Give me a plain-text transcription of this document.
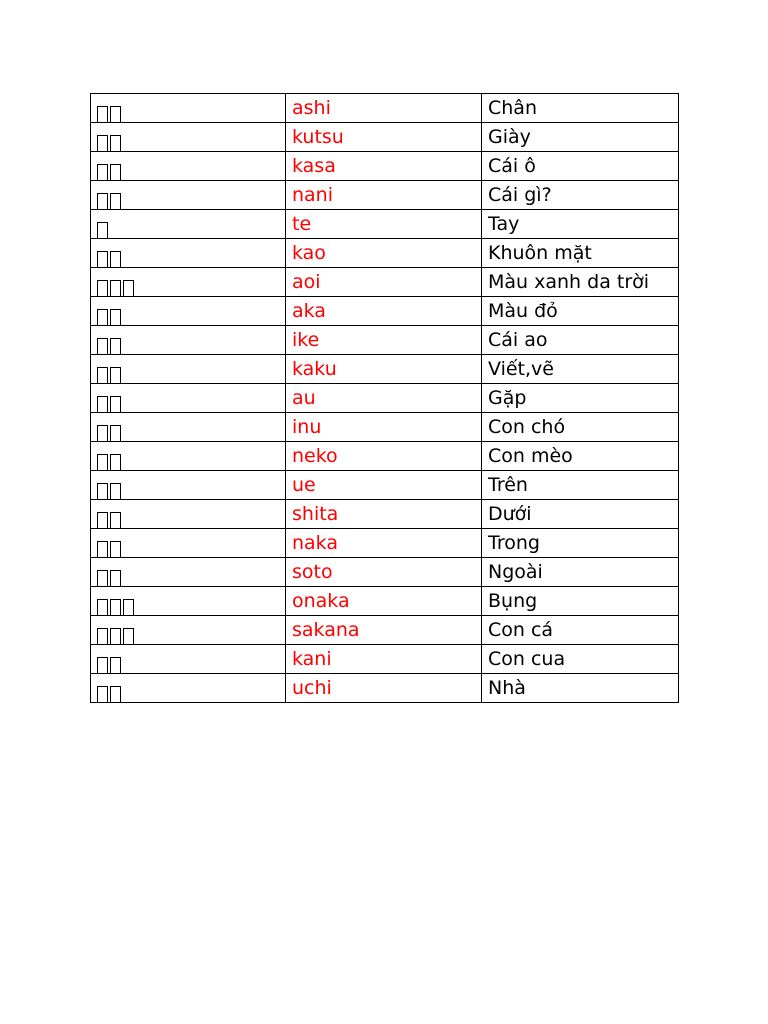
	ashi	Chân
	kutsu	Giày
	kasa	Cái ô
	nani	Cái gì?
	te	Tay
	kao	Khuôn mặt
	aoi	Màu xanh da trời
	aka	Màu đỏ
	ike	Cái ao
	kaku	Viết,vẽ
	au	Gặp
	inu	Con chó
	neko	Con mèo
	ue	Trên
	shita	Dưới
	naka	Trong
	soto	Ngoài
	onaka	Bụng
	sakana	Con cá
	kani	Con cua
	uchi	Nhà
